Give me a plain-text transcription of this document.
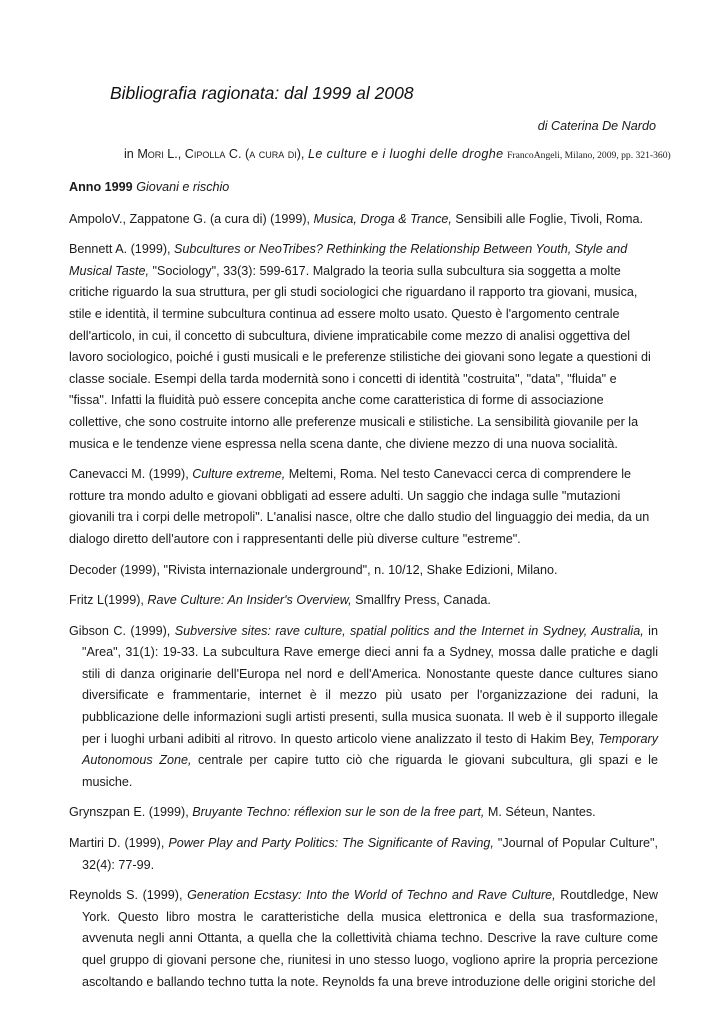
Bibliografia ragionata: dal 1999 al 2008
di Caterina De Nardo
in Mori L., Cipolla C. (a cura di), Le culture e i luoghi delle droghe FrancoAngeli, Milano, 2009, pp. 321-360)

Anno 1999 Giovani e rischio

AmpoloV., Zappatone G. (a cura di) (1999), Musica, Droga & Trance, Sensibili alle Foglie, Tivoli, Roma.

Bennett A. (1999), Subcultures or NeoTribes? Rethinking the Relationship Between Youth, Style and Musical Taste, "Sociology", 33(3): 599-617. Malgrado la teoria sulla subcultura sia soggetta a molte critiche riguardo la sua struttura, per gli studi sociologici che riguardano il rapporto tra giovani, musica, stile e identità, il termine subcultura continua ad essere molto usato. Questo è l'argomento centrale dell'articolo, in cui, il concetto di subcultura, diviene impraticabile come mezzo di analisi oggettiva del lavoro sociologico, poiché i gusti musicali e le preferenze stilistiche dei giovani sono legate a questioni di classe sociale. Esempi della tarda modernità sono i concetti di identità "costruita", "data", "fluida" e "fissa". Infatti la fluidità può essere concepita anche come caratteristica di forme di associazione collettive, che sono costruite intorno alle preferenze musicali e stilistiche. La sensibilità giovanile per la musica e le tendenze viene espressa nella scena dante, che diviene mezzo di una nuova socialità.

Canevacci M. (1999), Culture extreme, Meltemi, Roma. Nel testo Canevacci cerca di comprendere le rotture tra mondo adulto e giovani obbligati ad essere adulti. Un saggio che indaga sulle "mutazioni giovanili tra i corpi delle metropoli". L'analisi nasce, oltre che dallo studio del linguaggio dei media, da un dialogo diretto dell'autore con i rappresentanti delle più diverse culture "estreme".

Decoder (1999), "Rivista internazionale underground", n. 10/12, Shake Edizioni, Milano.

Fritz L(1999), Rave Culture: An Insider's Overview, Smallfry Press, Canada.

Gibson C. (1999), Subversive sites: rave culture, spatial politics and the Internet in Sydney, Australia, in "Area", 31(1): 19-33. La subcultura Rave emerge dieci anni fa a Sydney, mossa dalle pratiche e dagli stili di danza originarie dell'Europa nel nord e dell'America. Nonostante queste dance cultures siano diversificate e frammentarie, internet è il mezzo più usato per l'organizzazione dei raduni, la pubblicazione delle informazioni sugli artisti presenti, sulla musica suonata. Il web è il supporto illegale per i luoghi urbani adibiti al ritrovo. In questo articolo viene analizzato il testo di Hakim Bey, Temporary Autonomous Zone, centrale per capire tutto ciò che riguarda le giovani subcultura, gli spazi e le musiche.

Grynszpan E. (1999), Bruyante Techno: réflexion sur le son de la free part, M. Séteun, Nantes.

Martiri D. (1999), Power Play and Party Politics: The Significante of Raving, "Journal of Popular Culture", 32(4): 77-99.

Reynolds S. (1999), Generation Ecstasy: Into the World of Techno and Rave Culture, Routdledge, New York. Questo libro mostra le caratteristiche della musica elettronica e della sua trasformazione, avvenuta negli anni Ottanta, a quella che la collettività chiama techno. Descrive la rave culture come quel gruppo di giovani persone che, riunitesi in uno stesso luogo, vogliono aprire la propria percezione ascoltando e ballando techno tutta la note. Reynolds fa una breve introduzione delle origini storiche del
